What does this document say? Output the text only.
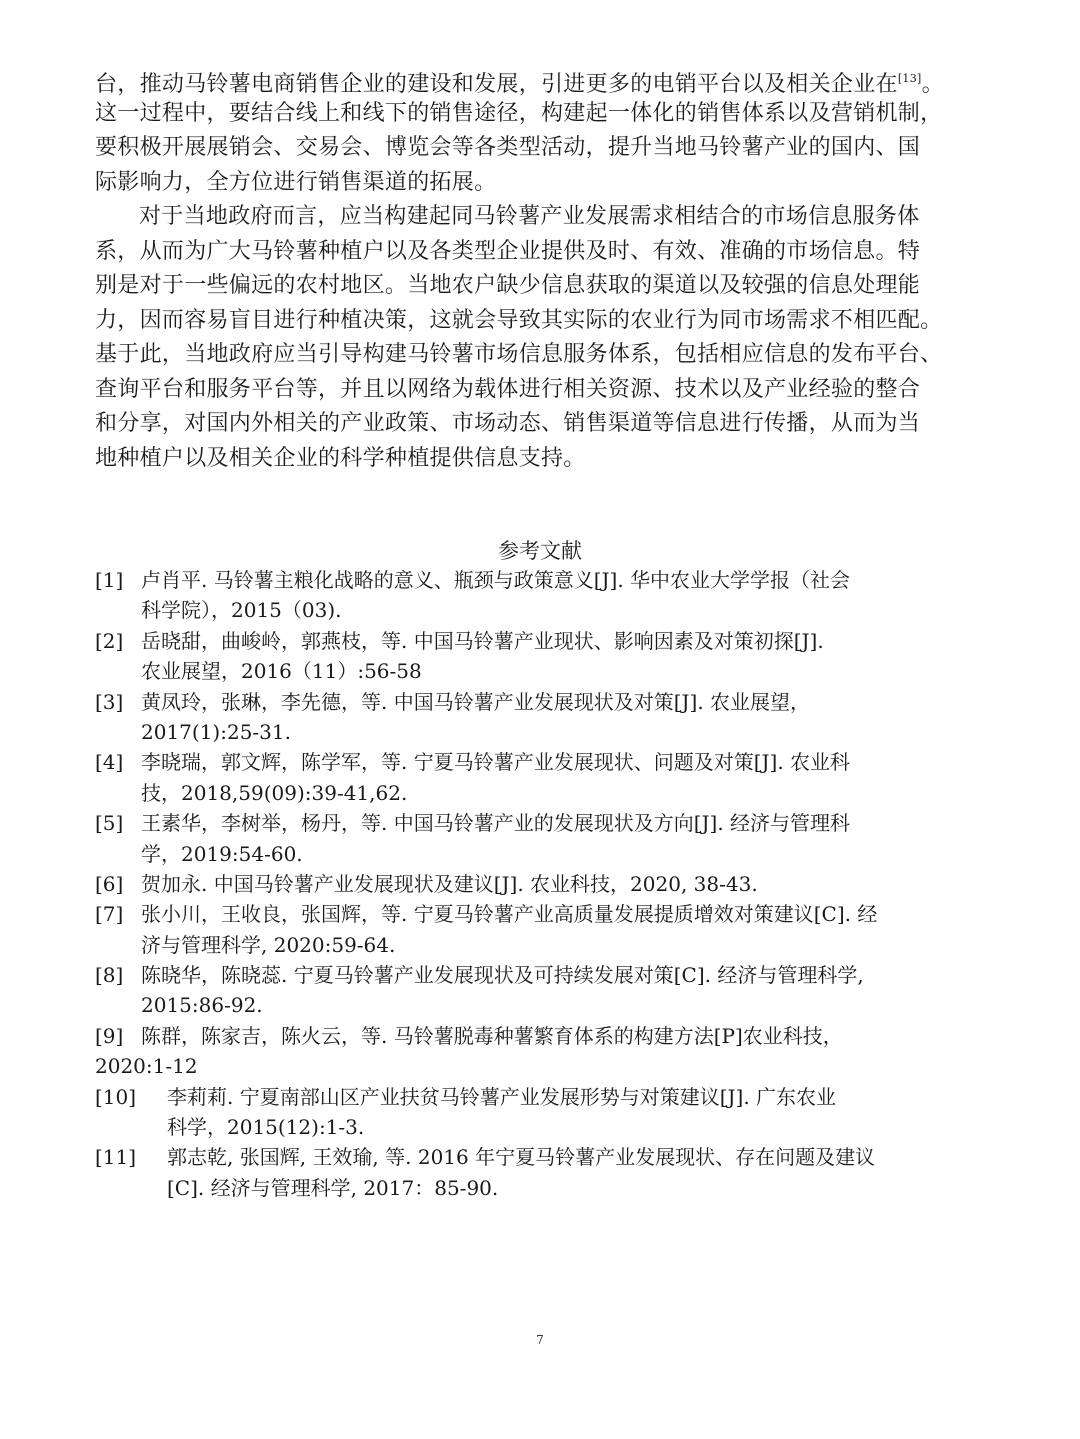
台，推动马铃薯电商销售企业的建设和发展，引进更多的电销平台以及相关企业在[13]。
这一过程中，要结合线上和线下的销售途径，构建起一体化的销售体系以及营销机制，
要积极开展展销会、交易会、博览会等各类型活动，提升当地马铃薯产业的国内、国
际影响力，全方位进行销售渠道的拓展。
对于当地政府而言，应当构建起同马铃薯产业发展需求相结合的市场信息服务体
系，从而为广大马铃薯种植户以及各类型企业提供及时、有效、准确的市场信息。特
别是对于一些偏远的农村地区。当地农户缺少信息获取的渠道以及较强的信息处理能
力，因而容易盲目进行种植决策，这就会导致其实际的农业行为同市场需求不相匹配。
基于此，当地政府应当引导构建马铃薯市场信息服务体系，包括相应信息的发布平台、
查询平台和服务平台等，并且以网络为载体进行相关资源、技术以及产业经验的整合
和分享，对国内外相关的产业政策、市场动态、销售渠道等信息进行传播，从而为当
地种植户以及相关企业的科学种植提供信息支持。
参考文献
[1] 卢肖平. 马铃薯主粮化战略的意义、瓶颈与政策意义[J]. 华中农业大学学报（社会
科学院），2015（03).
[2] 岳晓甜，曲峻岭，郭燕枝，等. 中国马铃薯产业现状、影响因素及对策初探[J].
农业展望，2016（11）:56-58
[3] 黄凤玲，张琳，李先德，等. 中国马铃薯产业发展现状及对策[J]. 农业展望，
2017(1):25-31.
[4] 李晓瑞，郭文辉，陈学军，等. 宁夏马铃薯产业发展现状、问题及对策[J]. 农业科
技，2018,59(09):39-41,62.
[5] 王素华，李树举，杨丹，等. 中国马铃薯产业的发展现状及方向[J]. 经济与管理科
学，2019:54-60.
[6] 贺加永. 中国马铃薯产业发展现状及建议[J]. 农业科技，2020, 38-43.
[7] 张小川，王收良，张国辉，等. 宁夏马铃薯产业高质量发展提质增效对策建议[C]. 经
济与管理科学, 2020:59-64.
[8] 陈晓华，陈晓蕊. 宁夏马铃薯产业发展现状及可持续发展对策[C]. 经济与管理科学,
2015:86-92.
[9] 陈群，陈家吉，陈火云，等. 马铃薯脱毒种薯繁育体系的构建方法[P]农业科技，
2020:1-12
[10] 李莉莉. 宁夏南部山区产业扶贫马铃薯产业发展形势与对策建议[J]. 广东农业
科学，2015(12):1-3.
[11] 郭志乾, 张国辉, 王效瑜, 等. 2016 年宁夏马铃薯产业发展现状、存在问题及建议
[C]. 经济与管理科学, 2017：85-90.
7
